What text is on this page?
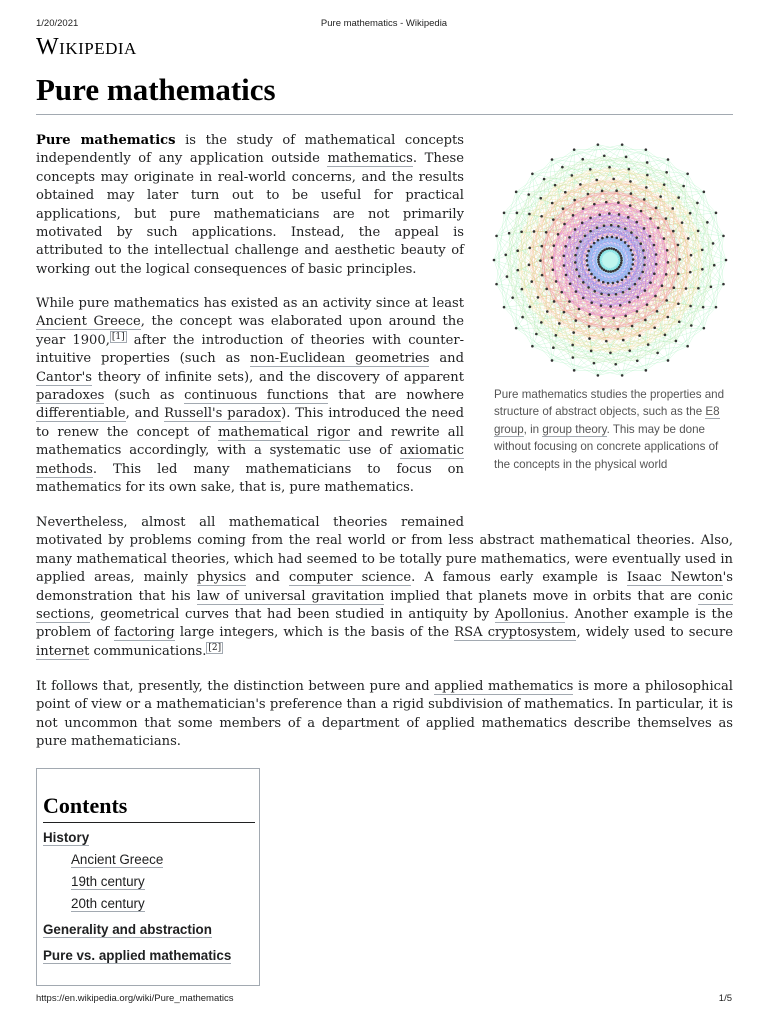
1/20/2021	Pure mathematics - Wikipedia
Wikipedia
Pure mathematics

Pure mathematics is the study of mathematical concepts independently of any application outside mathematics. These concepts may originate in real-world concerns, and the results obtained may later turn out to be useful for practical applications, but pure mathematicians are not primarily motivated by such applications. Instead, the appeal is attributed to the intellectual challenge and aesthetic beauty of working out the logical consequences of basic principles.

While pure mathematics has existed as an activity since at least Ancient Greece, the concept was elaborated upon around the year 1900, [1] after the introduction of theories with counter-intuitive properties (such as non-Euclidean geometries and Cantor's theory of infinite sets), and the discovery of apparent paradoxes (such as continuous functions that are nowhere differentiable, and Russell's paradox). This introduced the need to renew the concept of mathematical rigor and rewrite all mathematics accordingly, with a systematic use of axiomatic methods. This led many mathematicians to focus on mathematics for its own sake, that is, pure mathematics.

Pure mathematics studies the properties and structure of abstract objects, such as the E8 group, in group theory. This may be done without focusing on concrete applications of the concepts in the physical world

Nevertheless, almost all mathematical theories remained
motivated by problems coming from the real world or from less abstract mathematical theories. Also, many mathematical theories, which had seemed to be totally pure mathematics, were eventually used in applied areas, mainly physics and computer science. A famous early example is Isaac Newton's demonstration that his law of universal gravitation implied that planets move in orbits that are conic sections, geometrical curves that had been studied in antiquity by Apollonius. Another example is the problem of factoring large integers, which is the basis of the RSA cryptosystem, widely used to secure internet communications. [2]

It follows that, presently, the distinction between pure and applied mathematics is more a philosophical point of view or a mathematician's preference than a rigid subdivision of mathematics. In particular, it is not uncommon that some members of a department of applied mathematics describe themselves as pure mathematicians.

Contents
History
Ancient Greece
19th century
20th century
Generality and abstraction
Pure vs. applied mathematics
https://en.wikipedia.org/wiki/Pure_mathematics	1/5
